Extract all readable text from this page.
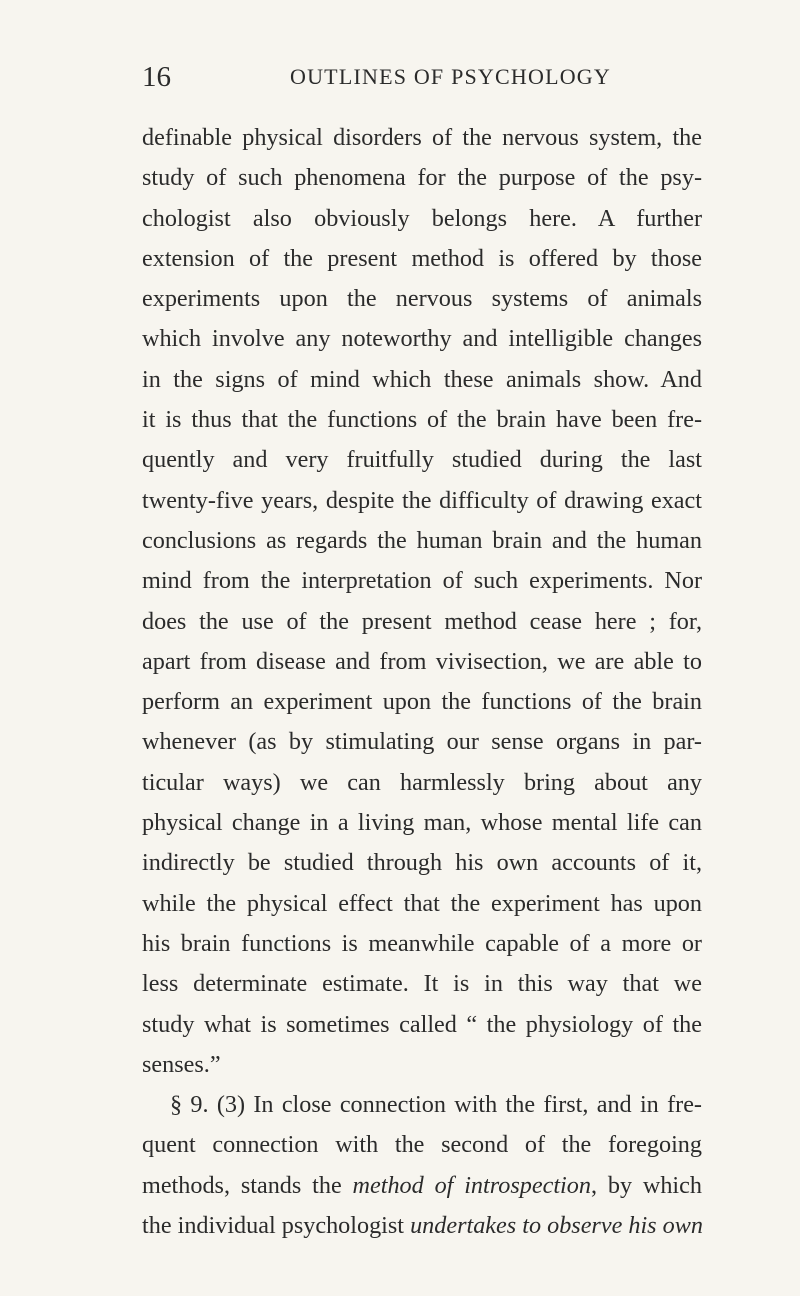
16	OUTLINES OF PSYCHOLOGY
definable physical disorders of the nervous system, the
study of such phenomena for the purpose of the psy-
chologist also obviously belongs here. A further
extension of the present method is offered by those
experiments upon the nervous systems of animals
which involve any noteworthy and intelligible changes
in the signs of mind which these animals show. And
it is thus that the functions of the brain have been fre-
quently and very fruitfully studied during the last
twenty-five years, despite the difficulty of drawing exact
conclusions as regards the human brain and the human
mind from the interpretation of such experiments. Nor
does the use of the present method cease here ; for,
apart from disease and from vivisection, we are able to
perform an experiment upon the functions of the brain
whenever (as by stimulating our sense organs in par-
ticular ways) we can harmlessly bring about any
physical change in a living man, whose mental life can
indirectly be studied through his own accounts of it,
while the physical effect that the experiment has upon
his brain functions is meanwhile capable of a more or
less determinate estimate. It is in this way that we
study what is sometimes called “ the physiology of the
senses.”
§ 9. (3) In close connection with the first, and in fre-
quent connection with the second of the foregoing
methods, stands the method of introspection, by which
the individual psychologist undertakes to observe his own
